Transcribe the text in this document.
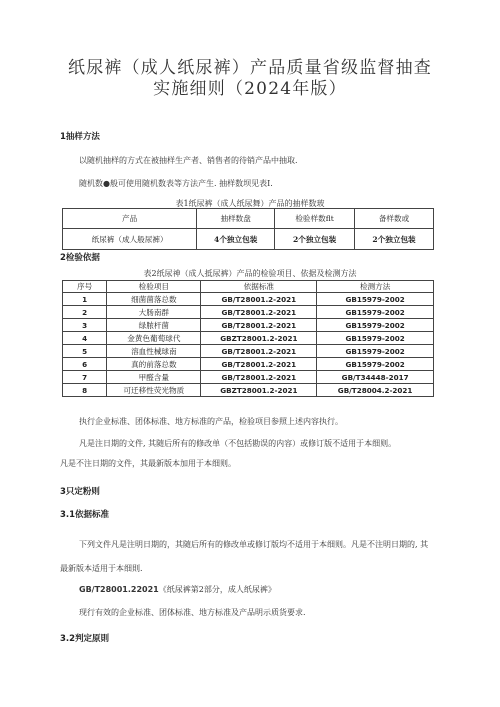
纸尿裤（成人纸尿裤）产品质量省级监督抽查
实施细则（2024年版）
1抽样方法
以随机抽样的方式在被抽样生产者、销售者的待销产品中抽取.
随机数●般可使用随机数表等方法产生. 抽样数坝见表I.
表1纸尿裤（成人纸尿舞）产品的抽样数玻
产品	抽样数盘	检验样数flt	备样数或
纸尿裤（成人般尿裤）	4个独立包装	2个独立包装	2个独立包装
2检验依据
表2纸尿神（成人抵尿裤）产品的检验项目、依据及检测方法
序号	检验项目	依据标准	检测方法
1	细菌菌落总数	GB/T28001.2-2021	GB15979-2002
2	大肠南群	GB/T28001.2-2021	GB15979-2002
3	绿脓杆菌	GB/T28001.2-2021	GB15979-2002
4	金黄色葡萄球代	GBZT28001.2-2021	GB15979-2002
5	溶血性械球南	GB/T28001.2-2021	GB15979-2002
6	真的前落总数	GB/T28001.2-2021	GB15979-2002
7	甲醛含量	GB/T28001.2-2021	GB/T34448-2017
8	可迁移性荧光物质	GBZT28001.2-2021	GB/T28004.2-2021
执行企业标准、团体标准、地方标准的产品，检验项目参照上述内容执行。
凡是注日期的文件, 其随后所有的修改单（不包括勘误的内容）或修订版不适用于本细则。
凡是不注日期的文件，其最新版本加用于本细则。
3只定粉则
3.1依据标准
下列文件凡是注明日期的，其随后所有的修改单或修订版均不适用于本细则。凡是不注明日期的, 其
最新版本适用于本细則.
GB/T28001.22021《纸尿裤第2部分，成人纸尿裤》
现行有效的企业标准、团体标准、地方标准及产品明示质货要求.
3.2判定原則
